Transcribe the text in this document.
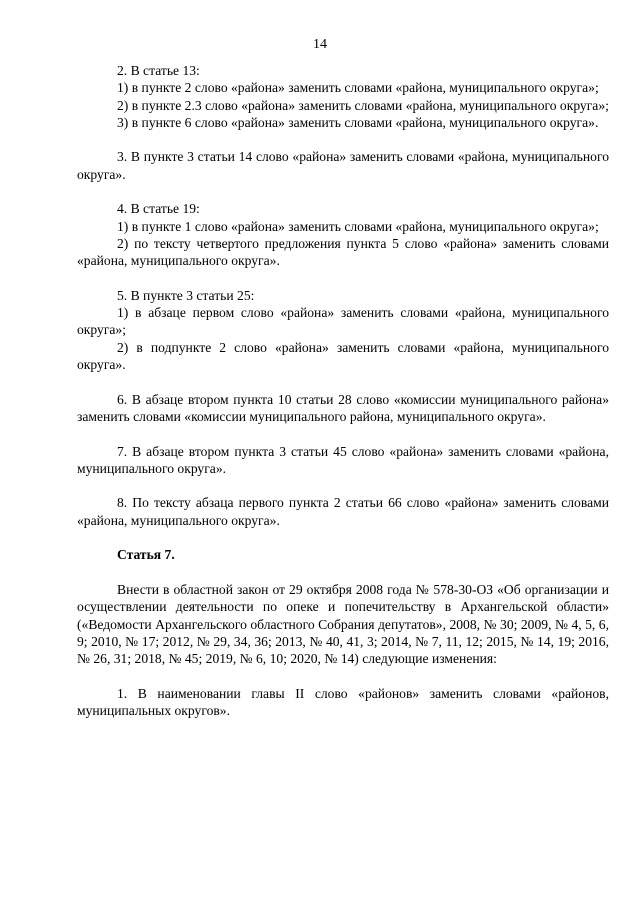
14

2. В статье 13:

1) в пункте 2 слово «района» заменить словами «района, муниципального округа»;

2) в пункте 2.3 слово «района» заменить словами «района, муниципального округа»;

3) в пункте 6 слово «района» заменить словами «района, муниципального округа».

3. В пункте 3 статьи 14 слово «района» заменить словами «района, муниципального округа».

4. В статье 19:

1) в пункте 1 слово «района» заменить словами «района, муниципального округа»;

2) по тексту четвертого предложения пункта 5 слово «района» заменить словами «района, муниципального округа».

5. В пункте 3 статьи 25:

1) в абзаце первом слово «района» заменить словами «района, муниципального округа»;

2) в подпункте 2 слово «района» заменить словами «района, муниципального округа».

6. В абзаце втором пункта 10 статьи 28 слово «комиссии муниципального района» заменить словами «комиссии муниципального района, муниципального округа».

7. В абзаце втором пункта 3 статьи 45 слово «района» заменить словами «района, муниципального округа».

8. По тексту абзаца первого пункта 2 статьи 66 слово «района» заменить словами «района, муниципального округа».

Статья 7.

Внести в областной закон от 29 октября 2008 года № 578-30-ОЗ «Об организации и осуществлении деятельности по опеке и попечительству в Архангельской области» («Ведомости Архангельского областного Собрания депутатов», 2008, № 30; 2009, № 4, 5, 6, 9; 2010, № 17; 2012, № 29, 34, 36; 2013, № 40, 41, 3; 2014, № 7, 11, 12; 2015, № 14, 19; 2016, № 26, 31; 2018, № 45; 2019, № 6, 10; 2020, № 14) следующие изменения:

1. В наименовании главы II слово «районов» заменить словами «районов, муниципальных округов».
